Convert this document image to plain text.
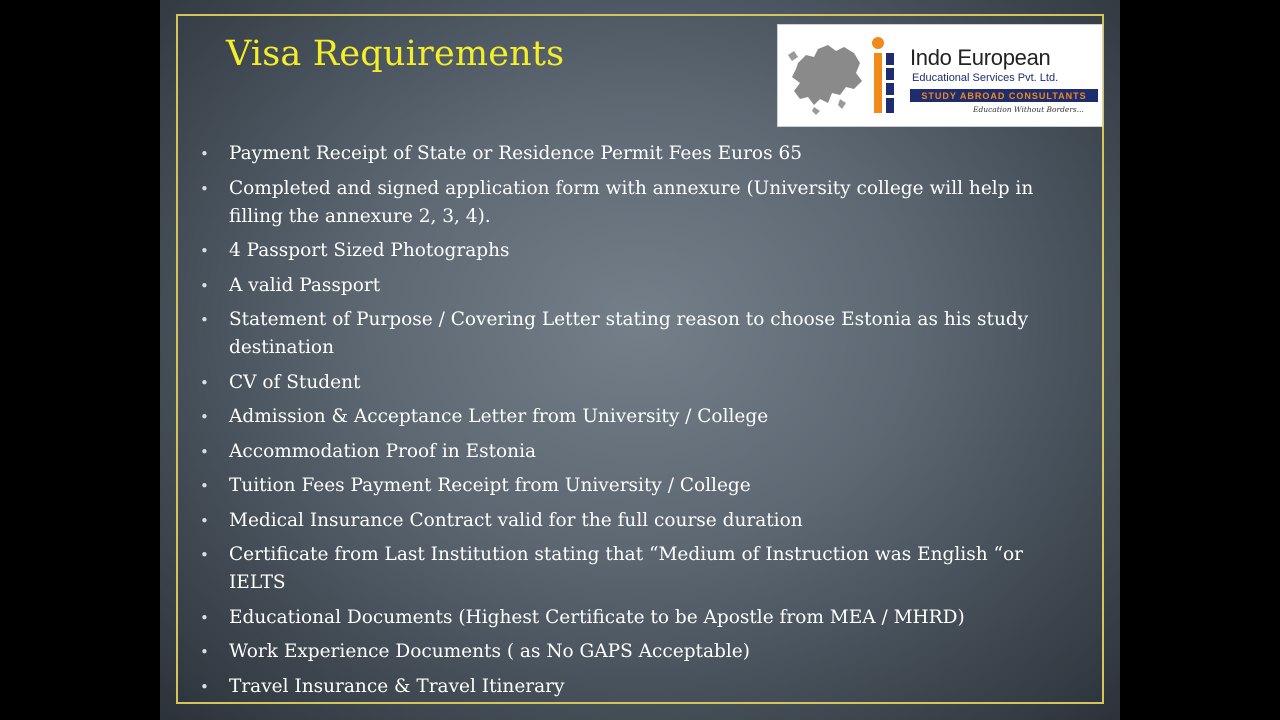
Visa Requirements	Indo European
Educational Services Pvt. Ltd.
STUDY ABROAD CONSULTANTS
Education Without Borders...
• Payment Receipt of State or Residence Permit Fees Euros 65
• Completed and signed application form with annexure (University college will help in filling the annexure 2, 3, 4).
• 4 Passport Sized Photographs
• A valid Passport
• Statement of Purpose / Covering Letter stating reason to choose Estonia as his study destination
• CV of Student
• Admission & Acceptance Letter from University / College
• Accommodation Proof in Estonia
• Tuition Fees Payment Receipt from University / College
• Medical Insurance Contract valid for the full course duration
• Certificate from Last Institution stating that “Medium of Instruction was English “or IELTS
• Educational Documents (Highest Certificate to be Apostle from MEA / MHRD)
• Work Experience Documents ( as No GAPS Acceptable)
• Travel Insurance & Travel Itinerary
